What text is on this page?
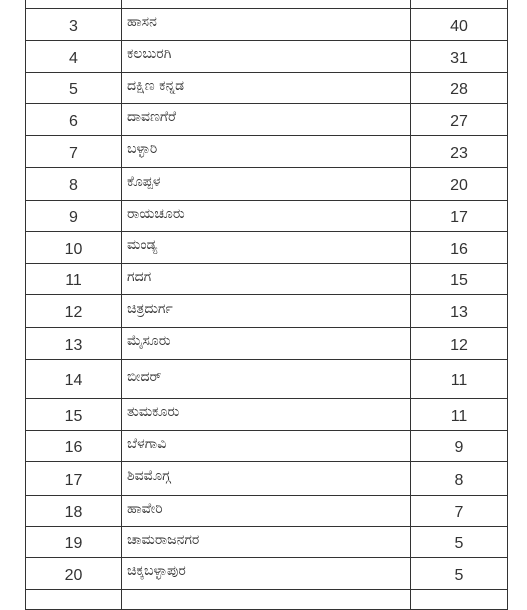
3	ಹಾಸನ	40
4	ಕಲಬುರಗಿ	31
5	ದಕ್ಷಿಣ ಕನ್ನಡ	28
6	ದಾವಣಗೆರೆ	27
7	ಬಳ್ಳಾರಿ	23
8	ಕೊಪ್ಪಳ	20
9	ರಾಯಚೂರು	17
10	ಮಂಡ್ಯ	16
11	ಗದಗ	15
12	ಚಿತ್ರದುರ್ಗ	13
13	ಮೈಸೂರು	12
14	ಬೀದರ್	11
15	ತುಮಕೂರು	11
16	ಬೆಳಗಾವಿ	9
17	ಶಿವಮೊಗ್ಗ	8
18	ಹಾವೇರಿ	7
19	ಚಾಮರಾಜನಗರ	5
20	ಚಿಕ್ಕಬಳ್ಳಾಪುರ	5
